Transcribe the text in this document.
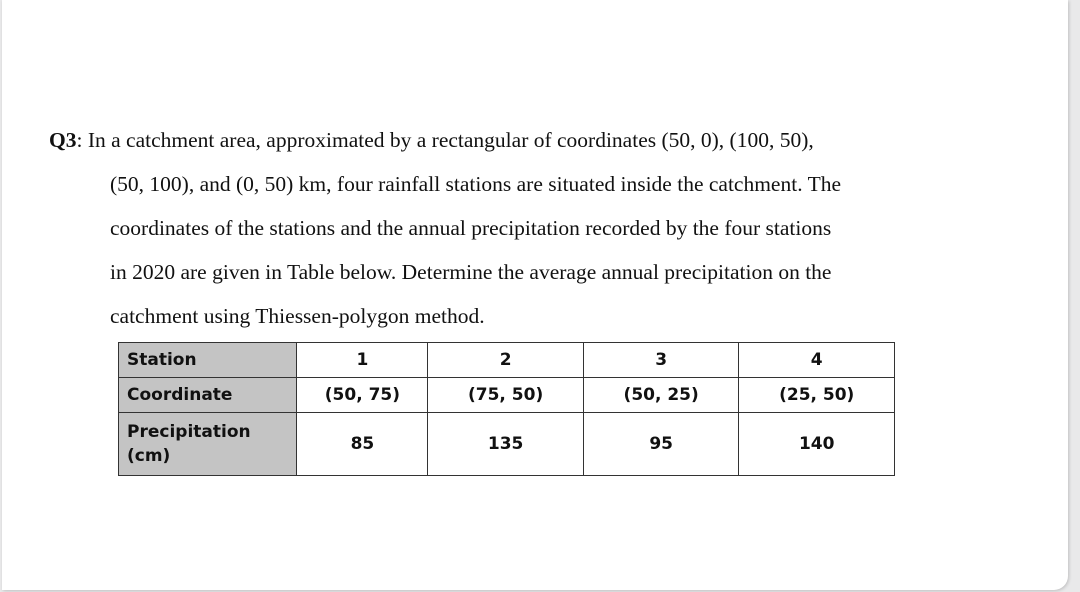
Q3: In a catchment area, approximated by a rectangular of coordinates (50, 0), (100, 50),
(50, 100), and (0, 50) km, four rainfall stations are situated inside the catchment. The
coordinates of the stations and the annual precipitation recorded by the four stations
in 2020 are given in Table below. Determine the average annual precipitation on the
catchment using Thiessen-polygon method.
Station	1	2	3	4
Coordinate	(50, 75)	(75, 50)	(50, 25)	(25, 50)
Precipitation
(cm)	85	135	95	140
